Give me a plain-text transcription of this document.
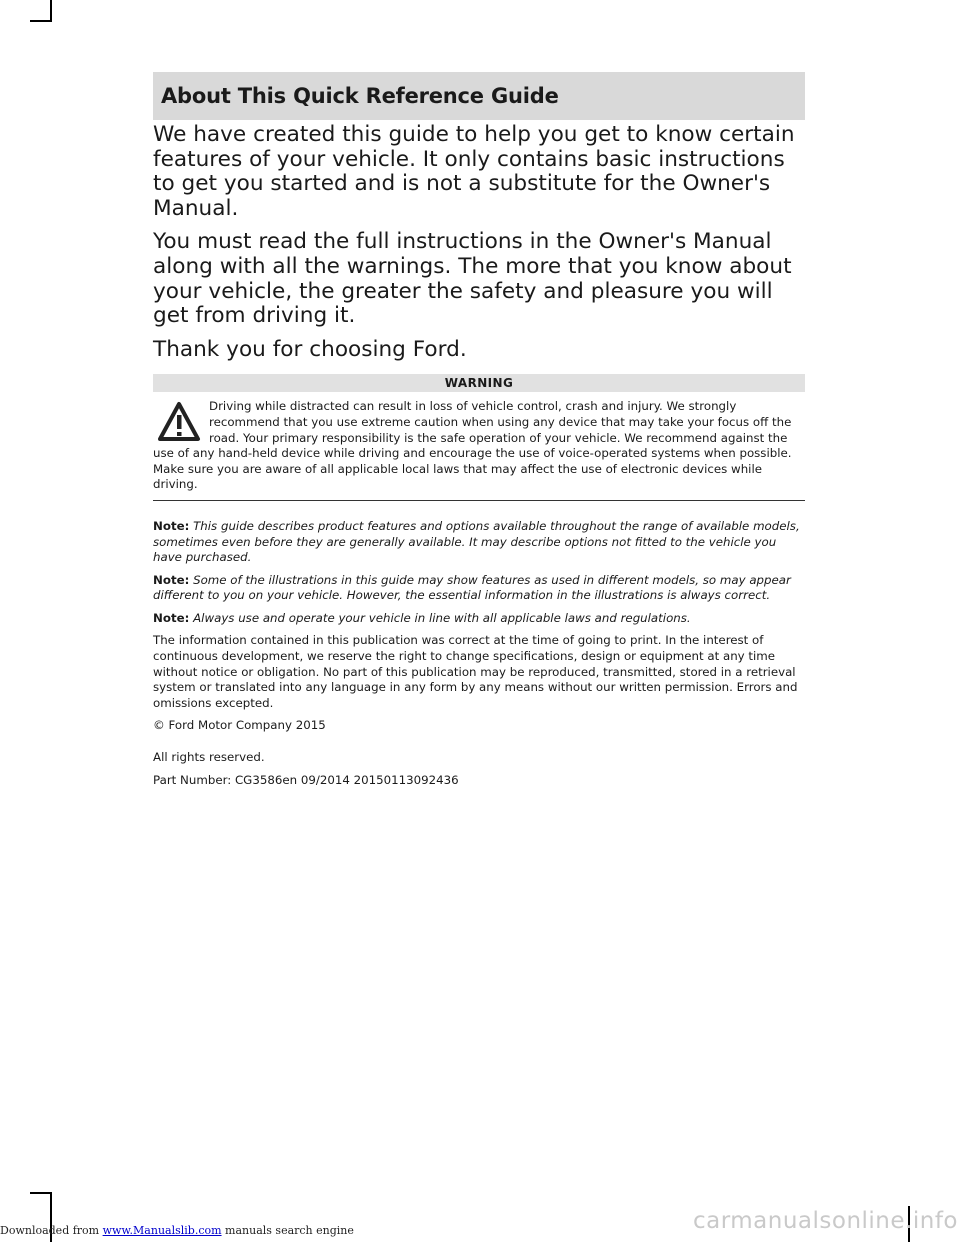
About This Quick Reference Guide

We have created this guide to help you get to know certain features of your vehicle. It only contains basic instructions to get you started and is not a substitute for the Owner's Manual.

You must read the full instructions in the Owner's Manual along with all the warnings. The more that you know about your vehicle, the greater the safety and pleasure you will get from driving it.

Thank you for choosing Ford.

WARNING
Driving while distracted can result in loss of vehicle control, crash and injury. We strongly recommend that you use extreme caution when using any device that may take your focus off the road. Your primary responsibility is the safe operation of your vehicle. We recommend against the use of any hand-held device while driving and encourage the use of voice-operated systems when possible. Make sure you are aware of all applicable local laws that may affect the use of electronic devices while driving.

Note: This guide describes product features and options available throughout the range of available models, sometimes even before they are generally available. It may describe options not fitted to the vehicle you have purchased.

Note: Some of the illustrations in this guide may show features as used in different models, so may appear different to you on your vehicle. However, the essential information in the illustrations is always correct.

Note: Always use and operate your vehicle in line with all applicable laws and regulations.

The information contained in this publication was correct at the time of going to print. In the interest of continuous development, we reserve the right to change specifications, design or equipment at any time without notice or obligation. No part of this publication may be reproduced, transmitted, stored in a retrieval system or translated into any language in any form by any means without our written permission. Errors and omissions excepted.

© Ford Motor Company 2015

All rights reserved.

Part Number: CG3586en 09/2014 20150113092436

Downloaded from www.Manualslib.com manuals search engine	carmanualsonline.info
